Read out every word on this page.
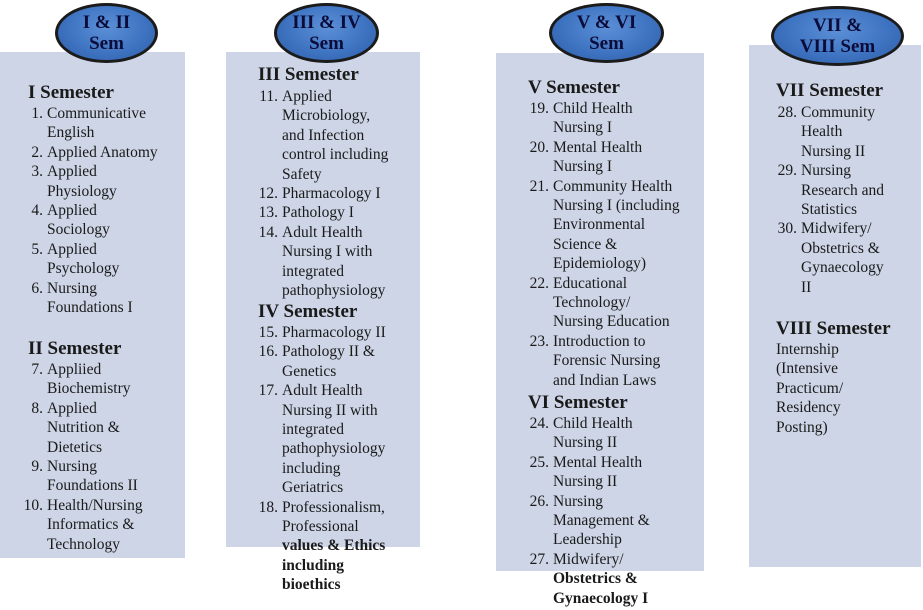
I & II
Sem
III & IV
Sem
V & VI
Sem
VII &
VIII Sem
I Semester
1. Communicative
English
2. Applied Anatomy
3. Applied
Physiology
4. Applied
Sociology
5. Applied
Psychology
6. Nursing
Foundations I
II Semester
7. Appliied
Biochemistry
8. Applied
Nutrition &
Dietetics
9. Nursing
Foundations II
10. Health/Nursing
Informatics &
Technology
III Semester
11. Applied
Microbiology,
and Infection
control including
Safety
12. Pharmacology I
13. Pathology I
14. Adult Health
Nursing I with
integrated
pathophysiology
IV Semester
15. Pharmacology II
16. Pathology II &
Genetics
17. Adult Health
Nursing II with
integrated
pathophysiology
including
Geriatrics
18. Professionalism,
Professional
values & Ethics
including
bioethics
V Semester
19. Child Health
Nursing I
20. Mental Health
Nursing I
21. Community Health
Nursing I (including
Environmental
Science &
Epidemiology)
22. Educational
Technology/
Nursing Education
23. Introduction to
Forensic Nursing
and Indian Laws
VI Semester
24. Child Health
Nursing II
25. Mental Health
Nursing II
26. Nursing
Management &
Leadership
27. Midwifery/
Obstetrics &
Gynaecology I
VII Semester
28. Community
Health
Nursing II
29. Nursing
Research and
Statistics
30. Midwifery/
Obstetrics &
Gynaecology
II
VIII Semester
Internship
(Intensive
Practicum/
Residency
Posting)
